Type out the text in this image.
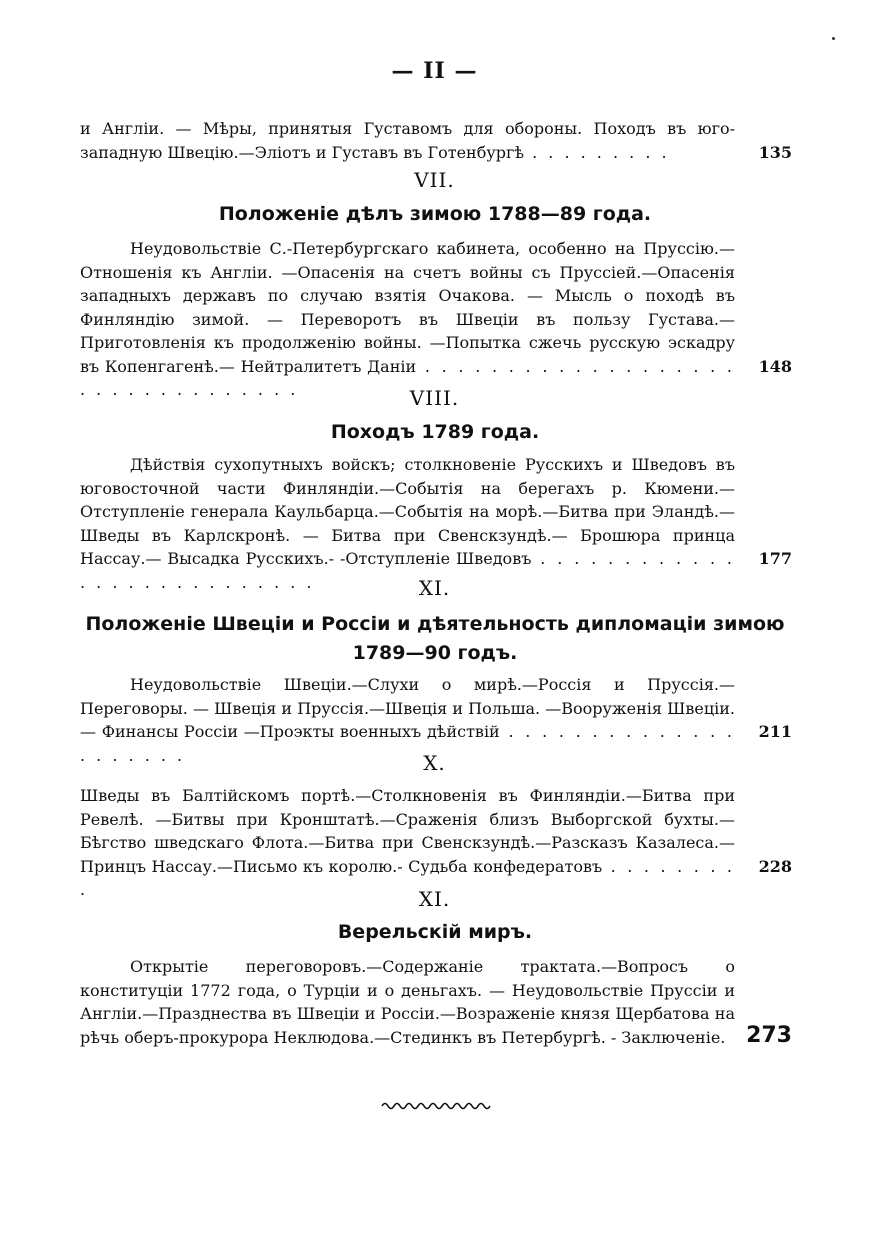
— II —

и Англіи. — Мѣры, принятыя Густавомъ для обороны. Походъ въ юго-западную Швецію.—Эліотъ и Густавъ въ Готенбургѣ . . . . . . . . .	135
VII.
Положеніе дѣлъ зимою 1788—89 года.

Неудовольствіе С.-Петербургскаго кабинета, особенно на Пруссію.— Отношенія къ Англіи. —Опасенія на счетъ войны съ Пруссіей.—Опасенія западныхъ державъ по случаю взятія Очакова. — Мысль о походѣ въ Финляндію зимой. — Переворотъ въ Швеціи въ пользу Густава.—Приготовленія къ продолженію войны. —Попытка сжечь русскую эскадру въ Копенгагенѣ.— Нейтралитетъ Даніи . . . . . . . . . . . . . . . . . . . . . . . . . . . . . . . . .

148
VIII.
Походъ 1789 года.

Дѣйствія сухопутныхъ войскъ; столкновеніе Русскихъ и Шведовъ въ юговосточной части Финляндіи.—Событія на берегахъ р. Кюмени.—Отступленіе генерала Каульбарца.—Событія на морѣ.—Битва при Эландѣ.—Шведы въ Карлскронѣ. — Битва при Свенскзундѣ.— Брошюра принца Нассау.— Высадка Русскихъ.- -Отступленіе Шведовъ . . . . . . . . . . . . . . . . . . . . . . . . . . .

177
XI.
Положеніе Швеціи и Россіи и дѣятельность дипломаціи зимою 1789—90 годъ.

Неудовольствіе Швеціи.—Слухи о мирѣ.—Россія и Пруссія.—Переговоры. — Швеція и Пруссія.—Швеція и Польша. —Вооруженія Швеціи.— Финансы Россіи —Проэкты военныхъ дѣйствій . . . . . . . . . . . . . . . . . . . . .

211
X.

Шведы въ Балтійскомъ портѣ.—Столкновенія въ Финляндіи.—Битва при Ревелѣ. —Битвы при Кронштатѣ.—Сраженія близъ Выборгской бухты.— Бѣгство шведскаго Флота.—Битва при Свенскзундѣ.—Разсказъ Казалеса.— Принцъ Нассау.—Письмо къ королю.- Судьба конфедератовъ . . . . . . . . .

228
XI.
Верельскій миръ.

Открытіе переговоровъ.—Содержаніе трактата.—Вопросъ о конституціи 1772 года, о Турціи и о деньгахъ. — Неудовольствіе Пруссіи и Англіи.—Празднества въ Швеціи и Россіи.—Возраженіе князя Щербатова на рѣчь оберъ-прокурора Неклюдова.—Стединкъ въ Петербургѣ. - Заключеніе. 273
